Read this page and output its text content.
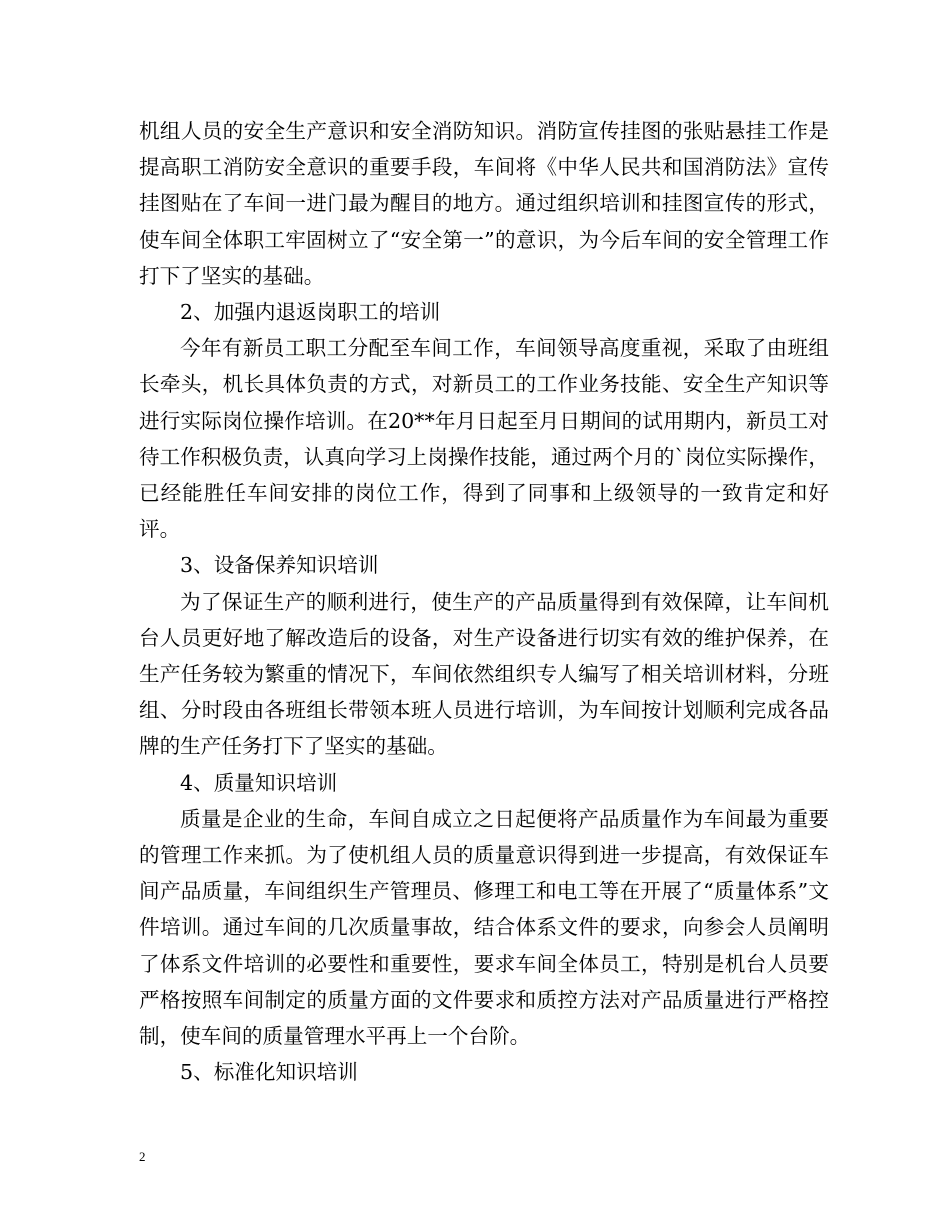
机组人员的安全生产意识和安全消防知识。消防宣传挂图的张贴悬挂工作是提高职工消防安全意识的重要手段，车间将《中华人民共和国消防法》宣传挂图贴在了车间一进门最为醒目的地方。通过组织培训和挂图宣传的形式，使车间全体职工牢固树立了“安全第一”的意识，为今后车间的安全管理工作打下了坚实的基础。

2、加强内退返岗职工的培训

今年有新员工职工分配至车间工作，车间领导高度重视，采取了由班组长牵头，机长具体负责的方式，对新员工的工作业务技能、安全生产知识等进行实际岗位操作培训。在20**年月日起至月日期间的试用期内，新员工对待工作积极负责，认真向学习上岗操作技能，通过两个月的`岗位实际操作，已经能胜任车间安排的岗位工作，得到了同事和上级领导的一致肯定和好评。

3、设备保养知识培训

为了保证生产的顺利进行，使生产的产品质量得到有效保障，让车间机台人员更好地了解改造后的设备，对生产设备进行切实有效的维护保养，在生产任务较为繁重的情况下，车间依然组织专人编写了相关培训材料，分班组、分时段由各班组长带领本班人员进行培训，为车间按计划顺利完成各品牌的生产任务打下了坚实的基础。

4、质量知识培训

质量是企业的生命，车间自成立之日起便将产品质量作为车间最为重要的管理工作来抓。为了使机组人员的质量意识得到进一步提高，有效保证车间产品质量，车间组织生产管理员、修理工和电工等在开展了“质量体系”文件培训。通过车间的几次质量事故，结合体系文件的要求，向参会人员阐明了体系文件培训的必要性和重要性，要求车间全体员工，特别是机台人员要严格按照车间制定的质量方面的文件要求和质控方法对产品质量进行严格控制，使车间的质量管理水平再上一个台阶。

5、标准化知识培训

2
